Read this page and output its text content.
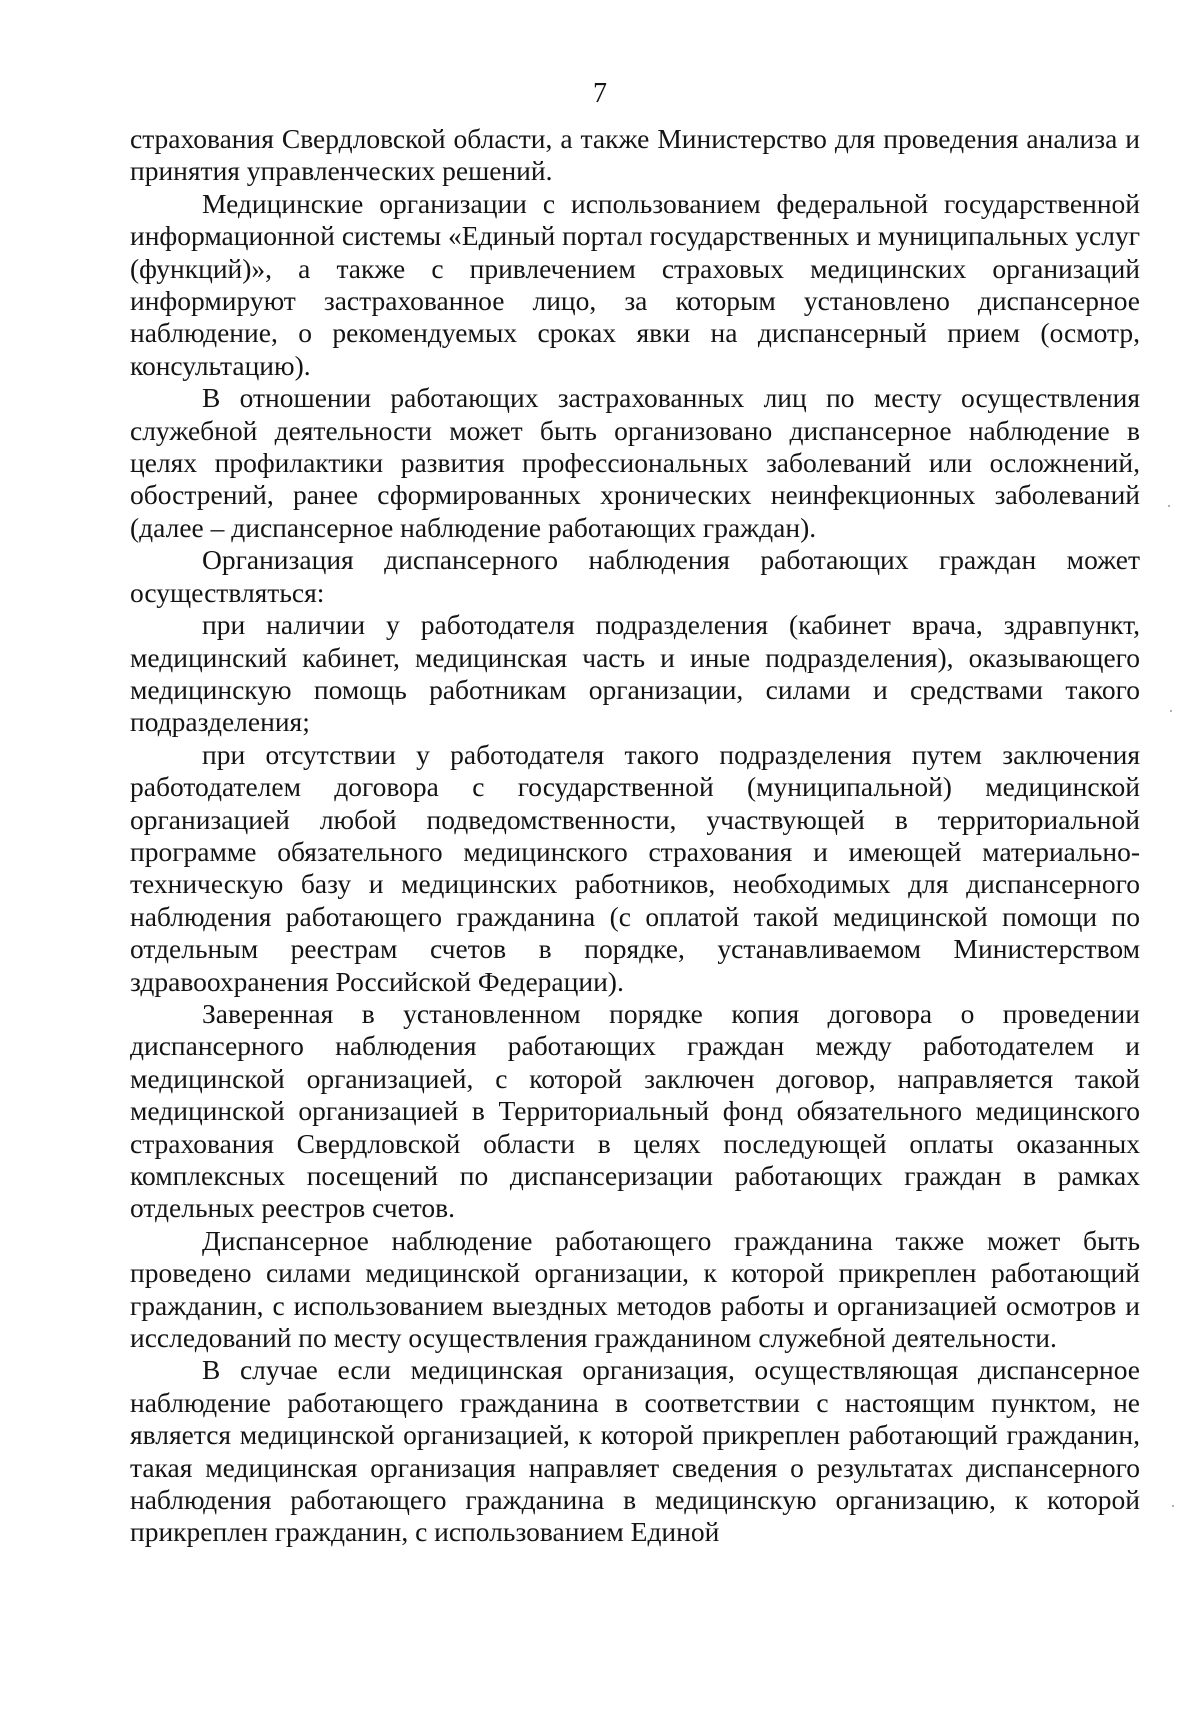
7

страхования Свердловской области, а также Министерство для проведения анализа и принятия управленческих решений.

Медицинские организации с использованием федеральной государственной информационной системы «Единый портал государственных и муниципальных услуг (функций)», а также с привлечением страховых медицинских организаций информируют застрахованное лицо, за которым установлено диспансерное наблюдение, о рекомендуемых сроках явки на диспансерный прием (осмотр, консультацию).

В отношении работающих застрахованных лиц по месту осуществления служебной деятельности может быть организовано диспансерное наблюдение в целях профилактики развития профессиональных заболеваний или осложнений, обострений, ранее сформированных хронических неинфекционных заболеваний (далее – диспансерное наблюдение работающих граждан).

Организация диспансерного наблюдения работающих граждан может осуществляться:

при наличии у работодателя подразделения (кабинет врача, здравпункт, медицинский кабинет, медицинская часть и иные подразделения), оказывающего медицинскую помощь работникам организации, силами и средствами такого подразделения;

при отсутствии у работодателя такого подразделения путем заключения работодателем договора с государственной (муниципальной) медицинской организацией любой подведомственности, участвующей в территориальной программе обязательного медицинского страхования и имеющей материально-техническую базу и медицинских работников, необходимых для диспансерного наблюдения работающего гражданина (с оплатой такой медицинской помощи по отдельным реестрам счетов в порядке, устанавливаемом Министерством здравоохранения Российской Федерации).

Заверенная в установленном порядке копия договора о проведении диспансерного наблюдения работающих граждан между работодателем и медицинской организацией, с которой заключен договор, направляется такой медицинской организацией в Территориальный фонд обязательного медицинского страхования Свердловской области в целях последующей оплаты оказанных комплексных посещений по диспансеризации работающих граждан в рамках отдельных реестров счетов.

Диспансерное наблюдение работающего гражданина также может быть проведено силами медицинской организации, к которой прикреплен работающий гражданин, с использованием выездных методов работы и организацией осмотров и исследований по месту осуществления гражданином служебной деятельности.

В случае если медицинская организация, осуществляющая диспансерное наблюдение работающего гражданина в соответствии с настоящим пунктом, не является медицинской организацией, к которой прикреплен работающий гражданин, такая медицинская организация направляет сведения о результатах диспансерного наблюдения работающего гражданина в медицинскую организацию, к которой прикреплен гражданин, с использованием Единой
